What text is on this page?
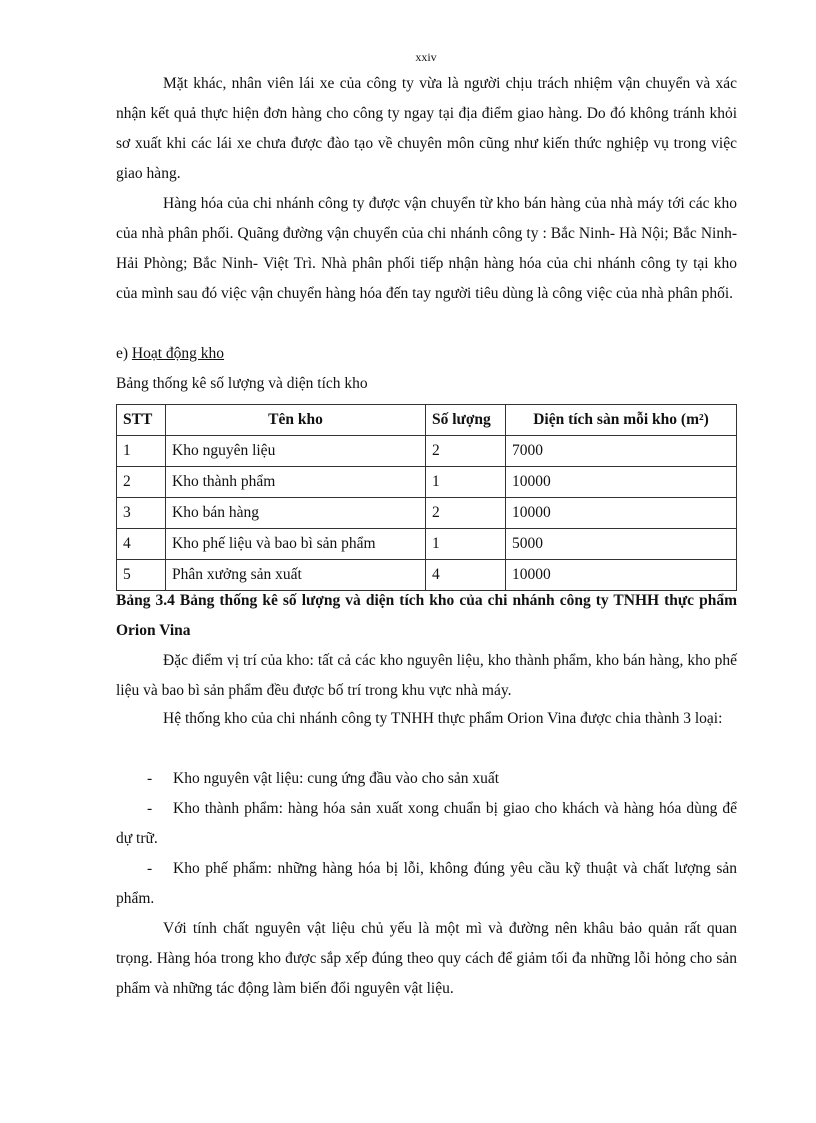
xxiv

Mặt khác, nhân viên lái xe của công ty vừa là người chịu trách nhiệm vận chuyển và xác nhận kết quả thực hiện đơn hàng cho công ty ngay tại địa điểm giao hàng. Do đó không tránh khỏi sơ xuất khi các lái xe chưa được đào tạo về chuyên môn cũng như kiến thức nghiệp vụ trong việc giao hàng.

Hàng hóa của chi nhánh công ty được vận chuyển từ kho bán hàng của nhà máy tới các kho của nhà phân phối. Quãng đường vận chuyển của chi nhánh công ty : Bắc Ninh- Hà Nội; Bắc Ninh- Hải Phòng; Bắc Ninh- Việt Trì. Nhà phân phối tiếp nhận hàng hóa của chi nhánh công ty tại kho của mình sau đó việc vận chuyển hàng hóa đến tay người tiêu dùng là công việc của nhà phân phối.

e) Hoạt động kho

Bảng thống kê số lượng và diện tích kho

STT	Tên kho	Số lượng	Diện tích sàn mỗi kho (m²)
1	Kho nguyên liệu	2	7000
2	Kho thành phẩm	1	10000
3	Kho bán hàng	2	10000
4	Kho phế liệu và bao bì sản phẩm	1	5000
5	Phân xưởng sản xuất	4	10000

Bảng 3.4 Bảng thống kê số lượng và diện tích kho của chi nhánh công ty TNHH thực phẩm Orion Vina

Đặc điểm vị trí của kho: tất cả các kho nguyên liệu, kho thành phẩm, kho bán hàng, kho phế liệu và bao bì sản phẩm đều được bố trí trong khu vực nhà máy.

Hệ thống kho của chi nhánh công ty TNHH thực phẩm Orion Vina được chia thành 3 loại:

- Kho nguyên vật liệu: cung ứng đầu vào cho sản xuất

- Kho thành phẩm: hàng hóa sản xuất xong chuẩn bị giao cho khách và hàng hóa dùng để dự trữ.

- Kho phế phẩm: những hàng hóa bị lỗi, không đúng yêu cầu kỹ thuật và chất lượng sản phẩm.

Với tính chất nguyên vật liệu chủ yếu là một mì và đường nên khâu bảo quản rất quan trọng. Hàng hóa trong kho được sắp xếp đúng theo quy cách để giảm tối đa những lỗi hỏng cho sản phẩm và những tác động làm biến đổi nguyên vật liệu.
